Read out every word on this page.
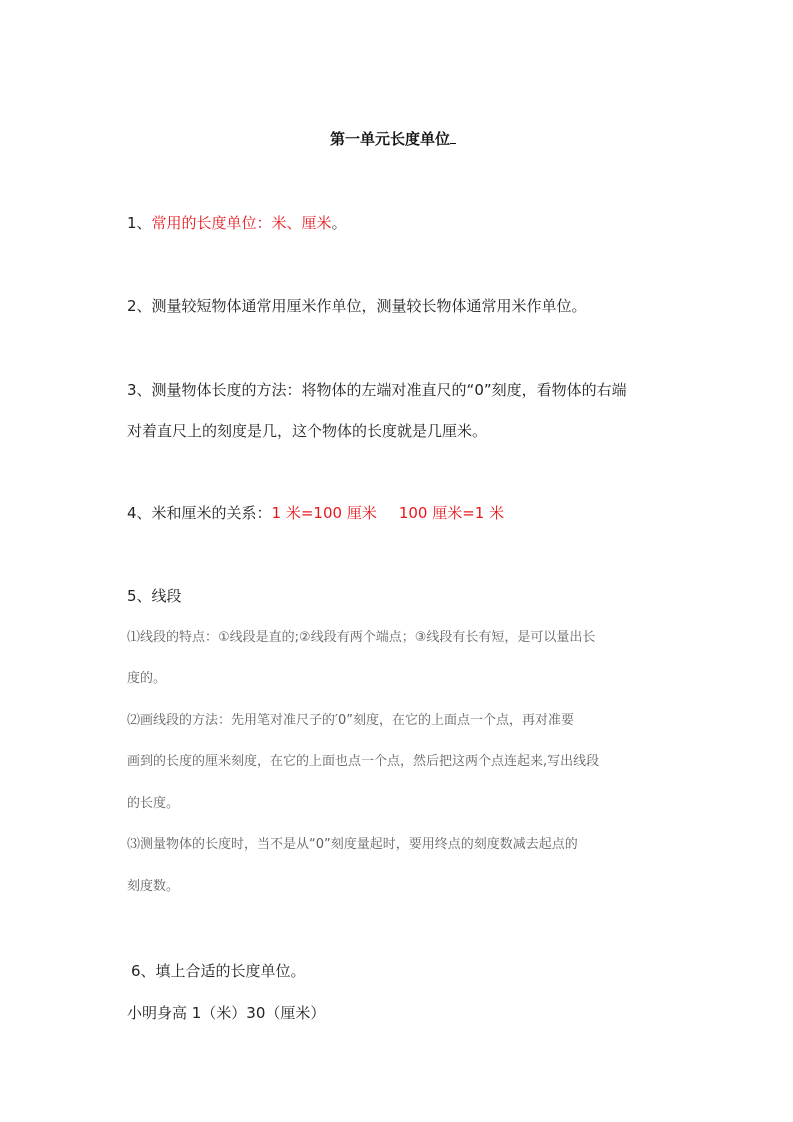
第一单元长度单位
1、常用的长度单位：米、厘米。
2、测量较短物体通常用厘米作单位，测量较长物体通常用米作单位。
3、测量物体长度的方法：将物体的左端对准直尺的“0”刻度，看物体的右端
对着直尺上的刻度是几，这个物体的长度就是几厘米。
4、米和厘米的关系：1 米=100 厘米 100 厘米=1 米
5、线段
⑴线段的特点：①线段是直的;②线段有两个端点；③线段有长有短，是可以量出长
度的。
⑵画线段的方法：先用笔对准尺子的′0”刻度，在它的上面点一个点，再对准要
画到的长度的厘米刻度，在它的上面也点一个点，然后把这两个点连起来,写出线段
的长度。
⑶测量物体的长度时，当不是从“0”刻度量起时，要用终点的刻度数减去起点的
刻度数。
6、填上合适的长度单位。
小明身高 1（米）30（厘米）
